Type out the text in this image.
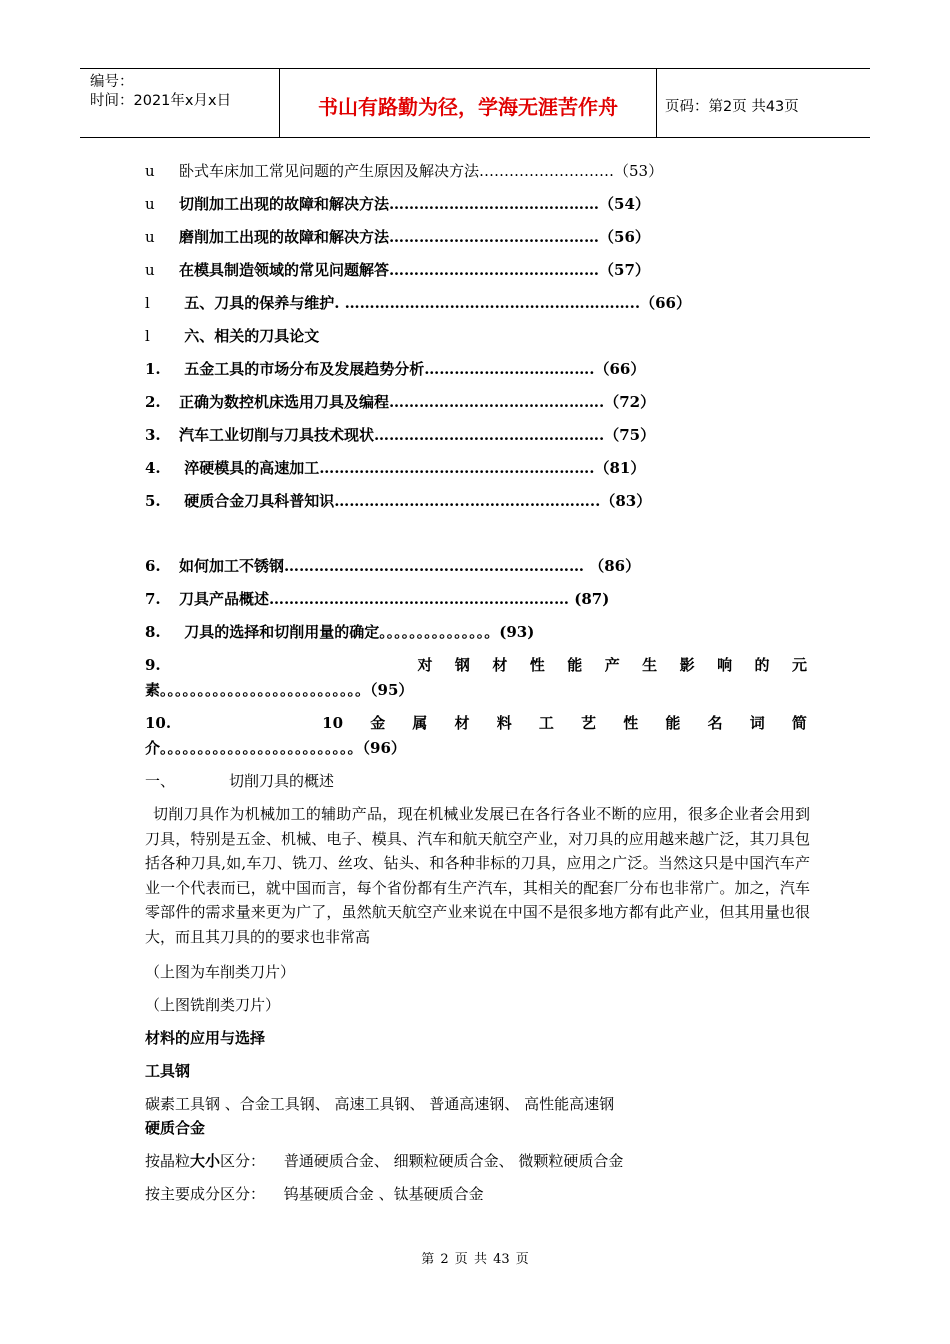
编号：
时间：2021年x月x日	书山有路勤为径，学海无涯苦作舟	页码：第2页 共43页
u 卧式车床加工常见问题的产生原因及解决方法………………………（53）
u 切削加工出现的故障和解决方法……………………………………（54）
u 磨削加工出现的故障和解决方法……………………………………（56）
u 在模具制造领域的常见问题解答……………………………………（57）
l 五、刀具的保养与维护. …………………………………………………..（66）
l 六、相关的刀具论文
1. 五金工具的市场分布及发展趋势分析…………………………….（66）
2. 正确为数控机床选用刀具及编程…………………………………….（72）
3. 汽车工业切削与刀具技术现状……………………………………….（75）
4. 淬硬模具的高速加工……………………………………………….（81）
5. 硬质合金刀具科普知识……………………...……………………..（83）
6. 如何加工不锈钢…………………………………………………… （86）
7. 刀具产品概述…………………………………………………… (87)
8. 刀具的选择和切削用量的确定。。。。。。。。。。。。。。。(93)
9.	对 钢 材 性 能 产 生 影 响 的 元
素。。。。。。。。。。。。。。。。。。。。。。。。。。。（95）
10.	10 金 属 材 料 工 艺 性 能 名 词 简
介。。。。。。。。。。。。。。。。。。。。。。。。。。（96）
一、	切削刀具的概述
切削刀具作为机械加工的辅助产品，现在机械业发展已在各行各业不断的应用，很多企业者会用到刀具，特别是五金、机械、电子、模具、汽车和航天航空产业，对刀具的应用越来越广泛，其刀具包括各种刀具,如,车刀、铣刀、丝攻、钻头、和各种非标的刀具，应用之广泛。当然这只是中国汽车产业一个代表而已，就中国而言，每个省份都有生产汽车，其相关的配套厂分布也非常广。加之，汽车零部件的需求量来更为广了，虽然航天航空产业来说在中国不是很多地方都有此产业，但其用量也很大，而且其刀具的的要求也非常高
（上图为车削类刀片）
（上图铣削类刀片）
材料的应用与选择
工具钢
碳素工具钢 、合金工具钢、 高速工具钢、 普通高速钢、 高性能高速钢
硬质合金
按晶粒大小区分： 普通硬质合金、 细颗粒硬质合金、 微颗粒硬质合金
按主要成分区分： 钨基硬质合金 、钛基硬质合金
第 2 页 共 43 页
